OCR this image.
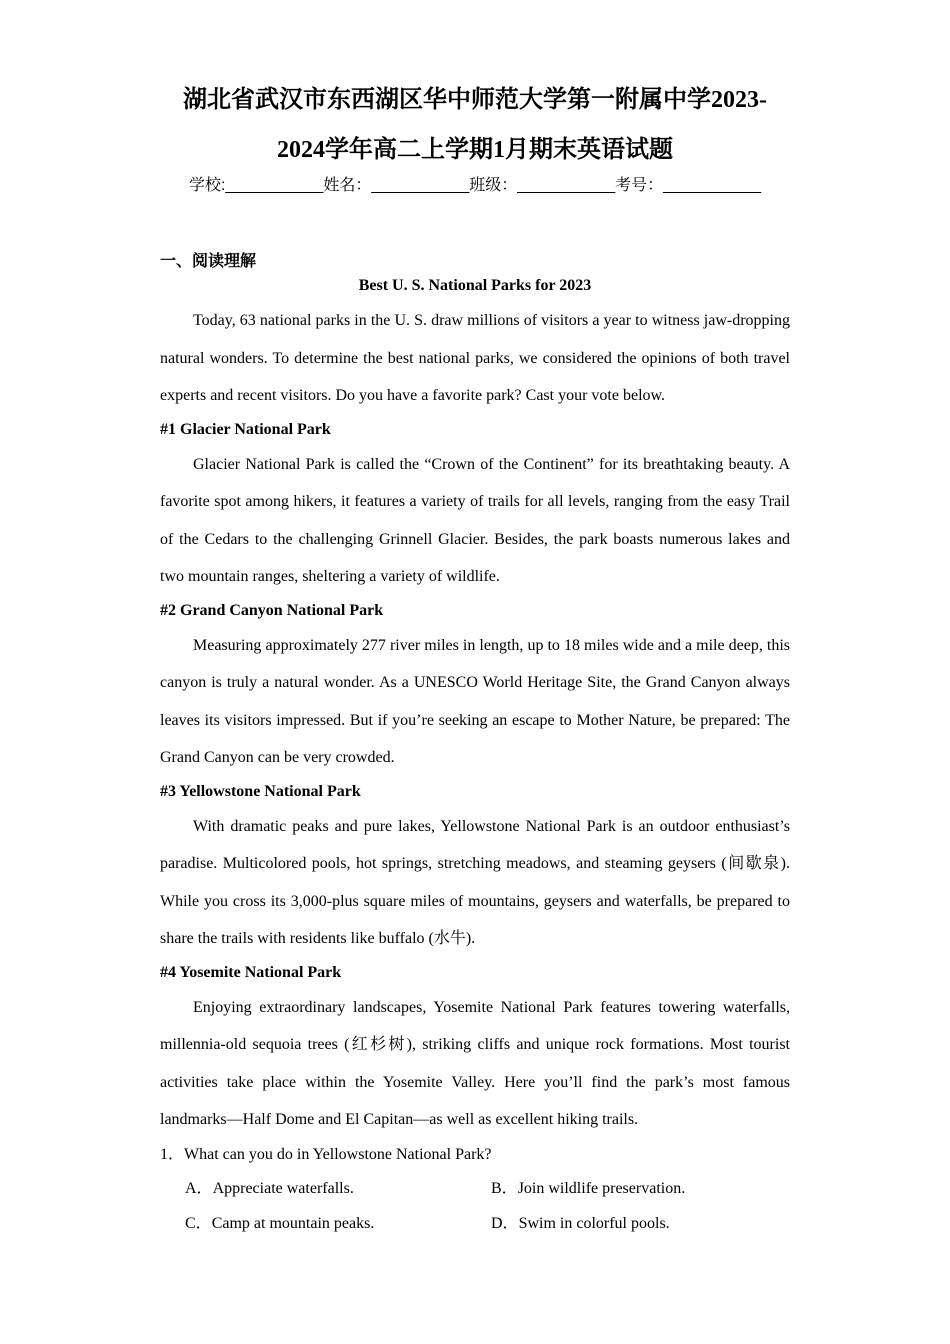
湖北省武汉市东西湖区华中师范大学第一附属中学2023-
2024学年高二上学期1月期末英语试题
学校:___________姓名：___________班级：___________考号：___________
一、阅读理解
Best U. S. National Parks for 2023

Today, 63 national parks in the U. S. draw millions of visitors a year to witness jaw-dropping natural wonders. To determine the best national parks, we considered the opinions of both travel experts and recent visitors. Do you have a favorite park? Cast your vote below.

#1 Glacier National Park

Glacier National Park is called the “Crown of the Continent” for its breathtaking beauty. A favorite spot among hikers, it features a variety of trails for all levels, ranging from the easy Trail of the Cedars to the challenging Grinnell Glacier. Besides, the park boasts numerous lakes and two mountain ranges, sheltering a variety of wildlife.

#2 Grand Canyon National Park

Measuring approximately 277 river miles in length, up to 18 miles wide and a mile deep, this canyon is truly a natural wonder. As a UNESCO World Heritage Site, the Grand Canyon always leaves its visitors impressed. But if you’re seeking an escape to Mother Nature, be prepared: The Grand Canyon can be very crowded.

#3 Yellowstone National Park

With dramatic peaks and pure lakes, Yellowstone National Park is an outdoor enthusiast’s paradise. Multicolored pools, hot springs, stretching meadows, and steaming geysers (间歇泉). While you cross its 3,000-plus square miles of mountains, geysers and waterfalls, be prepared to share the trails with residents like buffalo (水牛).

#4 Yosemite National Park

Enjoying extraordinary landscapes, Yosemite National Park features towering waterfalls, millennia-old sequoia trees (红杉树), striking cliffs and unique rock formations. Most tourist activities take place within the Yosemite Valley. Here you’ll find the park’s most famous landmarks—Half Dome and El Capitan—as well as excellent hiking trails.

1．What can you do in Yellowstone National Park?
A．Appreciate waterfalls.	B．Join wildlife preservation.
C．Camp at mountain peaks.	D．Swim in colorful pools.
